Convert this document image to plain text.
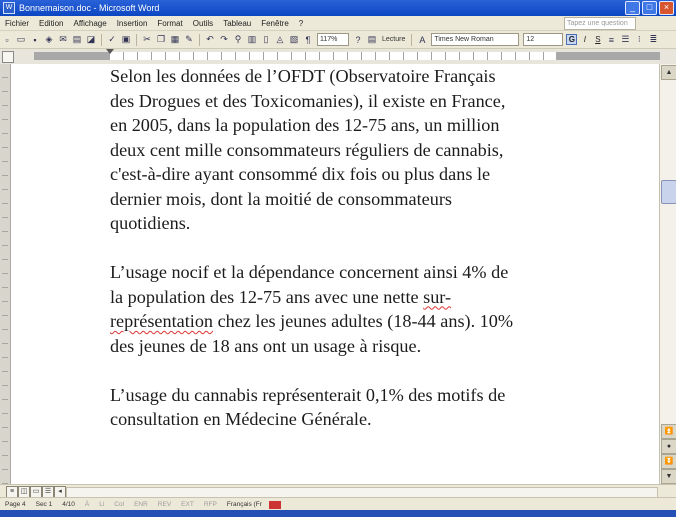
W Bonnemaison.doc - Microsoft Word	_	□	×
Fichier	Edition	Affichage	Insertion	Format	Outils	Tableau	Fenêtre	?	Tapez une question
▫ ▭ ▪ ◈ ✉ ▤ ◪ ✓ ▣ ✂ ❐ ▦ ✎ ↶ ↷ ⚲ ▥ ▯ ◬ ▧ ¶	117%	? ▤ Lecture	A	Times New Roman	12	G	I	S ≡ ☰ ⁝ ≣

Selon les données de l’OFDT (Observatoire Français
des Drogues et des Toxicomanies), il existe en France,
en 2005, dans la population des 12-75 ans, un million
deux cent mille consommateurs réguliers de cannabis,
c'est-à-dire ayant consommé dix fois ou plus dans le
dernier mois, dont la moitié de consommateurs
quotidiens.

L’usage nocif et la dépendance concernent ainsi 4% de
la population des 12-75 ans avec une nette sur-
représentation chez les jeunes adultes (18-44 ans). 10%
des jeunes de 18 ans ont un usage à risque.

L’usage du cannabis représenterait 0,1% des motifs de
consultation en Médecine Générale.

▲
⏫
●
⏬
▼
≡ ◫ ▭ ☰	◂
Page 4	Sec 1	4/10	À	Li	Col	ENR	REV	EXT	RFP	Français (Fr
